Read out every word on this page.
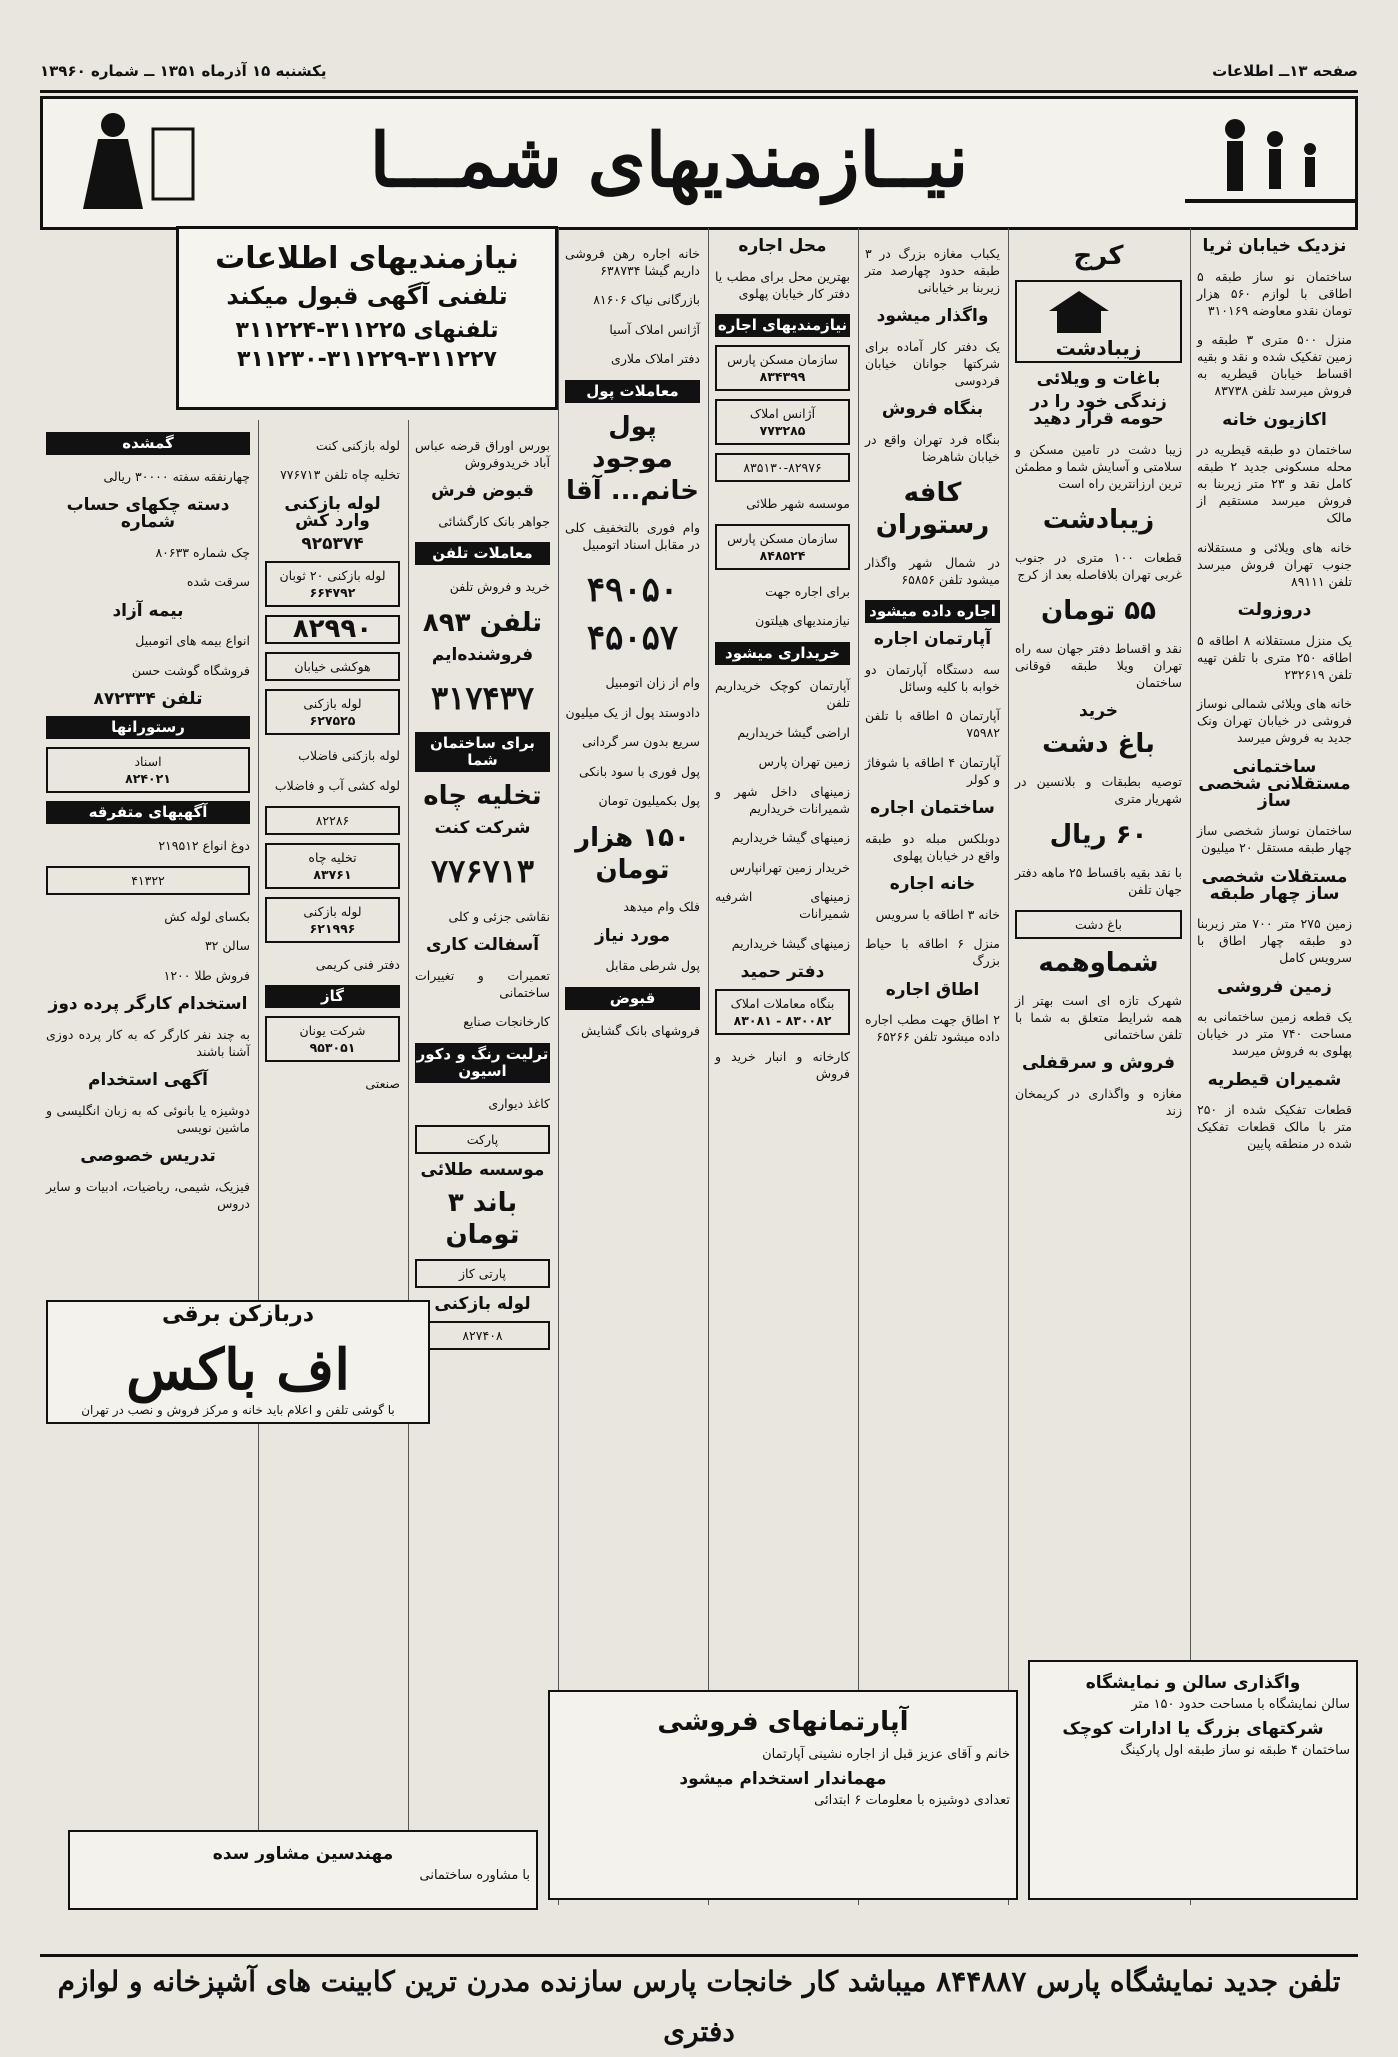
صفحه ۱۳ــ اطلاعات
یکشنبه ۱۵ آذرماه ۱۳۵۱ ــ شماره ۱۳۹۶۰
نیــازمندیهای شمـــا
نیازمندیهای اطلاعات
تلفنی آگهی قبول میکند
تلفنهای ۳۱۱۲۲۵-۳۱۱۲۲۴
۳۱۱۲۳۰-۳۱۱۲۲۹-۳۱۱۲۲۷
نزدیک خیابان ثریا

ساختمان نو ساز طبقه ۵ اطاقی با لوازم ۵۶۰ هزار تومان نقدو معاوضه ۳۱۰۱۶۹

منزل ۵۰۰ متری ۳ طبقه و زمین تفکیک شده و نقد و بقیه اقساط خیابان قیطریه به فروش میرسد تلفن ۸۳۷۳۸

اکازیون خانه

ساختمان دو طبقه قیطریه در محله مسکونی جدید ۲ طبقه کامل نقد و ۲۳ متر زیربنا به فروش میرسد مستقیم از مالک

خانه های ویلائی و مستقلانه جنوب تهران فروش میرسد تلفن ۸۹۱۱۱

دروزولت

یک منزل مستقلانه ۸ اطاقه ۵ اطاقه ۲۵۰ متری با تلفن تهیه تلفن ۲۳۲۶۱۹

خانه های ویلائی شمالی نوساز فروشی در خیابان تهران ونک جدید به فروش میرسد

ساختمانی مستقلانی شخصی ساز

ساختمان نوساز شخصی ساز چهار طبقه مستقل ۲۰ میلیون

مستقلات شخصی ساز چهار طبقه

زمین ۲۷۵ متر ۷۰۰ متر زیربنا دو طبقه چهار اطاق با سرویس کامل

زمین فروشی

یک قطعه زمین ساختمانی به مساحت ۷۴۰ متر در خیابان پهلوی به فروش میرسد

شمیران قیطریه

قطعات تفکیک شده از ۲۵۰ متر با مالک قطعات تفکیک شده در منطقه پایین

کرج
زیبادشت
باغات و ویلائی
زندگی خود را در حومه قرار دهید

زیبا دشت در تامین مسکن و سلامتی و آسایش شما و مطمئن ترین ارزانترین راه است

زیبادشت

قطعات ۱۰۰ متری در جنوب غربی تهران بلافاصله بعد از کرج

۵۵ تومان

نقد و اقساط دفتر جهان سه راه تهران ویلا طبقه فوقانی ساختمان

خرید
باغ دشت

توصیه بطبقات و بلانسین در شهریار متری

۶۰ ریال

با نقد بقیه باقساط ۲۵ ماهه دفتر جهان تلفن

باغ دشت
شماوهمه

شهرک تازه ای است بهتر از همه شرایط متعلق به شما با تلفن ساختمانی

فروش و سرقفلی

مغازه و واگذاری در کریمخان زند

یکباب مغازه بزرگ در ۳ طبقه حدود چهارصد متر زیربنا بر خیابانی

واگذار میشود

یک دفتر کار آماده برای شرکتها جوانان خیابان فردوسی

بنگاه فروش

بنگاه فرد تهران واقع در خیابان شاهرضا

کافه رستوران

در شمال شهر واگذار میشود تلفن ۶۵۸۵۶

اجاره داده میشود
آپارتمان اجاره

سه دستگاه آپارتمان دو خوابه با کلیه وسائل

آپارتمان ۵ اطاقه با تلفن ۷۵۹۸۲

آپارتمان ۴ اطاقه با شوفاژ و کولر

ساختمان اجاره

دوبلکس مبله دو طبقه واقع در خیابان پهلوی

خانه اجاره

خانه ۳ اطاقه با سرویس

منزل ۶ اطاقه با حیاط بزرگ

اطاق اجاره

۲ اطاق جهت مطب اجاره داده میشود تلفن ۶۵۲۶۶

محل اجاره

بهترین محل برای مطب یا دفتر کار خیابان پهلوی

نیازمندیهای اجاره
سازمان مسکن پارس
۸۳۴۳۹۹
آژانس املاک
۷۷۳۲۸۵
۸۳۵۱۳۰-۸۲۹۷۶

موسسه شهر طلائی

سازمان مسکن پارس
۸۴۸۵۲۴

برای اجاره جهت

نیازمندیهای هیلتون

خریداری میشود

آپارتمان کوچک خریداریم تلفن

اراضی گیشا خریداریم

زمین تهران پارس

زمینهای داخل شهر و شمیرانات خریداریم

زمینهای گیشا خریداریم

خریدار زمین تهرانپارس

زمینهای اشرفیه شمیرانات

زمینهای گیشا خریداریم

دفتر حمید
بنگاه معاملات املاک
۸۳۰۰۸۲ - ۸۳۰۸۱

کارخانه و انبار خرید و فروش

خانه اجاره رهن فروشی داریم گیشا ۶۳۸۷۳۴

بازرگانی نیاک ۸۱۶۰۶

آژانس املاک آسیا

دفتر املاک ملاری

معاملات پول
پول موجود خانم... آقا

وام فوری بالتخفیف کلی در مقابل اسناد اتومبیل

۴۹۰۵۰ ۴۵۰۵۷

وام از زان اتومبیل

دادوستد پول از یک میلیون

سریع بدون سر گردانی

پول فوری با سود بانکی

پول بکمیلیون تومان

۱۵۰ هزار تومان

فلک وام میدهد

مورد نیاز

پول شرطی مقابل

قبوض

فروشهای بانک گشایش

بورس اوراق قرضه عباس آباد خریدوفروش

قبوض فرش

جواهر بانک کارگشائی

معاملات تلفن

خرید و فروش تلفن

تلفن ۸۹۳
فروشنده‌ایم
۳۱۷۴۳۷
برای ساختمان شما
تخلیه چاه
شرکت کنت
۷۷۶۷۱۳

نقاشی جزئی و کلی

آسفالت کاری

تعمیرات و تغییرات ساختمانی

کارخانجات صنایع

ترلیت رنگ و دکور اسیون

کاغذ دیواری

پارکت
موسسه طلائی
باند ۳ تومان
پارتی کاز
لوله بازکنی
۸۲۷۴۰۸

لوله بازکنی کنت

تخلیه چاه تلفن ۷۷۶۷۱۳

لوله بازکنی وارد کش
۹۲۵۳۷۴
لوله بازکنی ۲۰ ثوبان
۶۶۴۷۹۲
۸۲۹۹۰
هوکشی خیابان
لوله بازکنی
۶۲۷۵۲۵

لوله بازکنی فاضلاب

لوله کشی آب و فاضلاب

۸۲۲۸۶
تخلیه چاه
۸۳۷۶۱
لوله بازکنی
۶۲۱۹۹۶

دفتر فنی کریمی

گاز
شرکت یونان
۹۵۳۰۵۱

صنعتی

گمشده

چهارنفقه سفته ۳۰۰۰۰ ریالی

دسته چکهای حساب شماره

چک شماره ۸۰۶۳۳

سرقت شده

بیمه آزاد

انواع بیمه های اتومبیل

فروشگاه گوشت حسن

تلفن ۸۷۲۳۳۴
رستورانها
اسناد
۸۲۴۰۲۱
آگهیهای متفرقه

دوغ انواع ۲۱۹۵۱۲

۴۱۳۲۲

بکسای لوله کش

سالن ۳۲

فروش طلا ۱۲۰۰

استخدام کارگر پرده دوز

به چند نفر کارگر که به کار پرده دوزی آشنا باشند

آگهی استخدام

دوشیزه یا بانوئی که به زبان انگلیسی و ماشین نویسی

تدریس خصوصی

فیزیک، شیمی، ریاضیات، ادبیات و سایر دروس

دربازکن برقی
اف باکس
با گوشی تلفن و اعلام باید خانه و مرکز فروش و نصب در تهران
واگذاری سالن و نمایشگاه

سالن نمایشگاه با مساحت حدود ۱۵۰ متر

شرکتهای بزرگ یا ادارات کوچک

ساختمان ۴ طبقه نو ساز طبقه اول پارکینگ

آپارتمانهای فروشی

خانم و آقای عزیز قبل از اجاره نشینی آپارتمان

مهماندار استخدام میشود

تعدادی دوشیزه با معلومات ۶ ابتدائی

مهندسین مشاور سده

با مشاوره ساختمانی

تلفن جدید نمایشگاه پارس ۸۴۴۸۸۷ میباشد کار خانجات پارس سازنده مدرن ترین کابینت های آشپزخانه و لوازم دفتری
